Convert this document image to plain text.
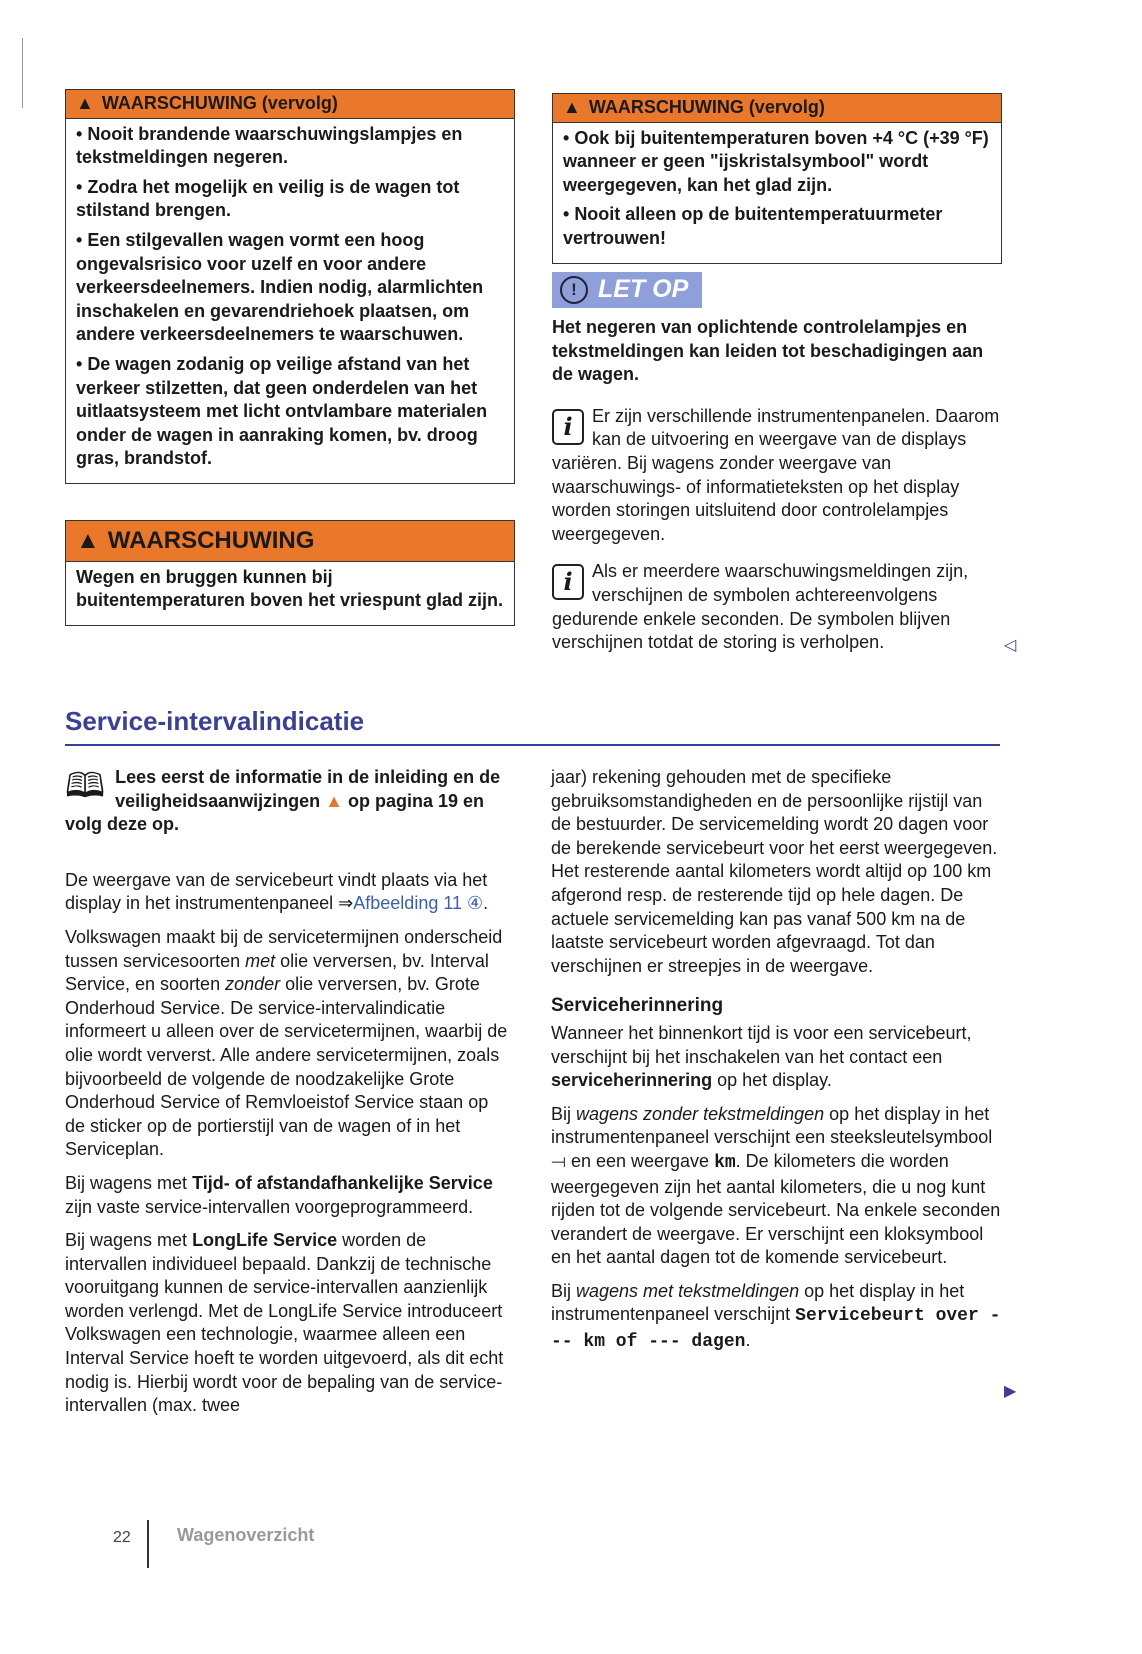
▲ WAARSCHUWING (vervolg)

• Nooit brandende waarschuwingslampjes en tekstmeldingen negeren.

• Zodra het mogelijk en veilig is de wagen tot stilstand brengen.

• Een stilgevallen wagen vormt een hoog ongevalsrisico voor uzelf en voor andere verkeersdeelnemers. Indien nodig, alarmlichten inschakelen en gevarendriehoek plaatsen, om andere verkeersdeelnemers te waarschuwen.

• De wagen zodanig op veilige afstand van het verkeer stilzetten, dat geen onderdelen van het uitlaatsysteem met licht ontvlambare materialen onder de wagen in aanraking komen, bv. droog gras, brandstof.

▲ WAARSCHUWING

Wegen en bruggen kunnen bij buitentemperaturen boven het vriespunt glad zijn.

▲ WAARSCHUWING (vervolg)

• Ook bij buitentemperaturen boven +4 °C (+39 °F) wanneer er geen "ijskristalsymbool" wordt weergegeven, kan het glad zijn.

• Nooit alleen op de buitentemperatuurmeter vertrouwen!

! LET OP

Het negeren van oplichtende controlelampjes en tekstmeldingen kan leiden tot beschadigingen aan de wagen.

i	Er zijn verschillende instrumentenpanelen. Daarom kan de uitvoering en weergave van de displays variëren. Bij wagens zonder weergave van waarschuwings- of informatieteksten op het display worden storingen uitsluitend door controlelampjes weergegeven.

i	Als er meerdere waarschuwingsmeldingen zijn, verschijnen de symbolen achtereenvolgens gedurende enkele seconden. De symbolen blijven verschijnen totdat de storing is verholpen.	◁
Service-intervalindicatie

🕮 Lees eerst de informatie in de inleiding en de veiligheidsaanwijzingen ▲ op pagina 19 en volg deze op.

De weergave van de servicebeurt vindt plaats via het display in het instrumentenpaneel ⇒Afbeelding 11 ④.

Volkswagen maakt bij de servicetermijnen onderscheid tussen servicesoorten met olie verversen, bv. Interval Service, en soorten zonder olie verversen, bv. Grote Onderhoud Service. De service-intervalindicatie informeert u alleen over de servicetermijnen, waarbij de olie wordt ververst. Alle andere servicetermijnen, zoals bijvoorbeeld de volgende de noodzakelijke Grote Onderhoud Service of Remvloeistof Service staan op de sticker op de portierstijl van de wagen of in het Serviceplan.

Bij wagens met Tijd- of afstandafhankelijke Service zijn vaste service-intervallen voorgeprogrammeerd.

Bij wagens met LongLife Service worden de intervallen individueel bepaald. Dankzij de technische vooruitgang kunnen de service-intervallen aanzienlijk worden verlengd. Met de LongLife Service introduceert Volkswagen een technologie, waarmee alleen een Interval Service hoeft te worden uitgevoerd, als dit echt nodig is. Hierbij wordt voor de bepaling van de service-intervallen (max. twee

jaar) rekening gehouden met de specifieke gebruiksomstandigheden en de persoonlijke rijstijl van de bestuurder. De servicemelding wordt 20 dagen voor de berekende servicebeurt voor het eerst weergegeven. Het resterende aantal kilometers wordt altijd op 100 km afgerond resp. de resterende tijd op hele dagen. De actuele servicemelding kan pas vanaf 500 km na de laatste servicebeurt worden afgevraagd. Tot dan verschijnen er streepjes in de weergave.

Serviceherinnering

Wanneer het binnenkort tijd is voor een servicebeurt, verschijnt bij het inschakelen van het contact een serviceherinnering op het display.

Bij wagens zonder tekstmeldingen op het display in het instrumentenpaneel verschijnt een steeksleutelsymbool ⟞ en een weergave km. De kilometers die worden weergegeven zijn het aantal kilometers, die u nog kunt rijden tot de volgende servicebeurt. Na enkele seconden verandert de weergave. Er verschijnt een kloksymbool en het aantal dagen tot de komende servicebeurt.

Bij wagens met tekstmeldingen op het display in het instrumentenpaneel verschijnt Servicebeurt over --- km of --- dagen.

▶
22	Wagenoverzicht
